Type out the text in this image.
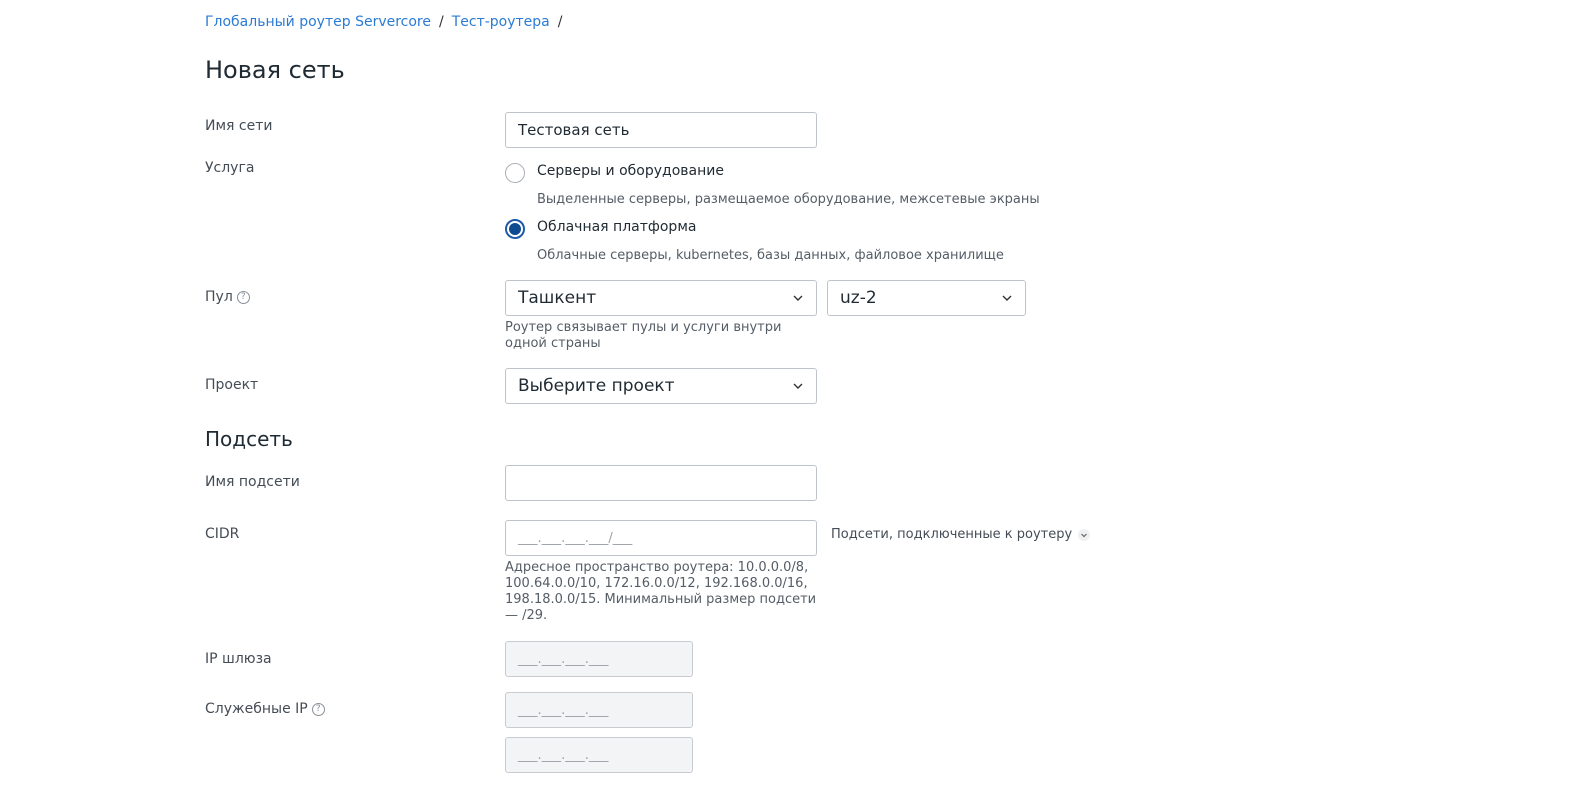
Глобальный роутер Servercore / Тест-роутера /
Новая сеть
Имя сети	Тестовая сеть
Услуга	Серверы и оборудование
Выделенные серверы, размещаемое оборудование, межсетевые экраны
Облачная платформа
Облачные серверы, kubernetes, базы данных, файловое хранилище
Пул ?	Ташкент	uz-2
Роутер связывает пулы и услуги внутри
одной страны
Проект	Выберите проект
Подсеть
Имя подсети
CIDR	___.___.___.___/___	Подсети, подключенные к роутеру
Адресное пространство роутера: 10.0.0.0/8,
100.64.0.0/10, 172.16.0.0/12, 192.168.0.0/16,
198.18.0.0/15. Минимальный размер подсети
— /29.
IP шлюза	___.___.___.___
Служебные IP ?	___.___.___.___
___.___.___.___
